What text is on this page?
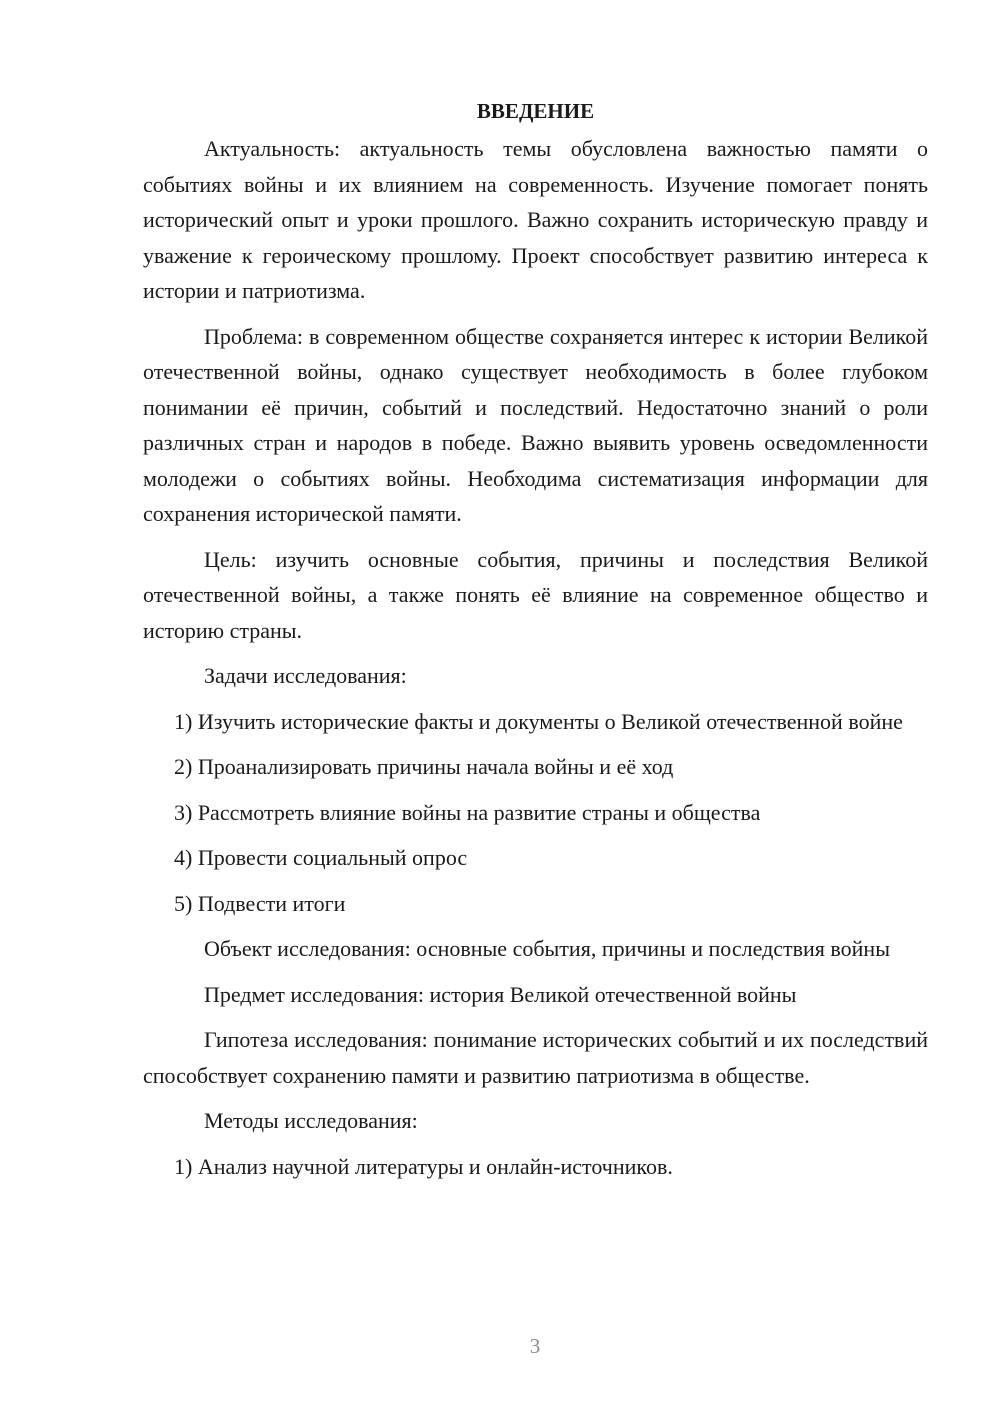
ВВЕДЕНИЕ

Актуальность: актуальность темы обусловлена важностью памяти о событиях войны и их влиянием на современность. Изучение помогает понять исторический опыт и уроки прошлого. Важно сохранить историческую правду и уважение к героическому прошлому. Проект способствует развитию интереса к истории и патриотизма.

Проблема: в современном обществе сохраняется интерес к истории Великой отечественной войны, однако существует необходимость в более глубоком понимании её причин, событий и последствий. Недостаточно знаний о роли различных стран и народов в победе. Важно выявить уровень осведомленности молодежи о событиях войны. Необходима систематизация информации для сохранения исторической памяти.

Цель: изучить основные события, причины и последствия Великой отечественной войны, а также понять её влияние на современное общество и историю страны.

Задачи исследования:

1) Изучить исторические факты и документы о Великой отечественной войне

2) Проанализировать причины начала войны и её ход

3) Рассмотреть влияние войны на развитие страны и общества

4) Провести социальный опрос

5) Подвести итоги

Объект исследования: основные события, причины и последствия войны

Предмет исследования: история Великой отечественной войны

Гипотеза исследования: понимание исторических событий и их последствий способствует сохранению памяти и развитию патриотизма в обществе.

Методы исследования:

1) Анализ научной литературы и онлайн-источников.

3
